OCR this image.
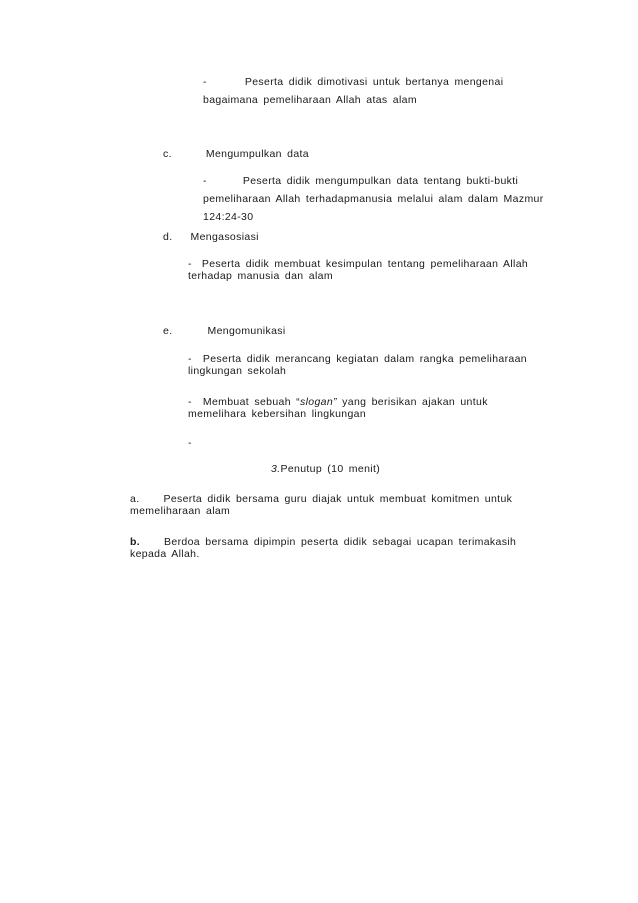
-	Peserta didik dimotivasi untuk bertanya mengenai
bagaimana pemeliharaan Allah atas alam
c.	Mengumpulkan data
-	Peserta didik mengumpulkan data tentang bukti-bukti
pemeliharaan Allah terhadapmanusia melalui alam dalam Mazmur
124:24-30
d. Mengasosiasi
- Peserta didik membuat kesimpulan tentang pemeliharaan Allah
terhadap manusia dan alam
e.	Mengomunikasi
- Peserta didik merancang kegiatan dalam rangka pemeliharaan
lingkungan sekolah
- Membuat sebuah “slogan” yang berisikan ajakan untuk
memelihara kebersihan lingkungan
-
3.Penutup (10 menit)
a. Peserta didik bersama guru diajak untuk membuat komitmen untuk
memeliharaan alam
b. Berdoa bersama dipimpin peserta didik sebagai ucapan terimakasih
kepada Allah.
